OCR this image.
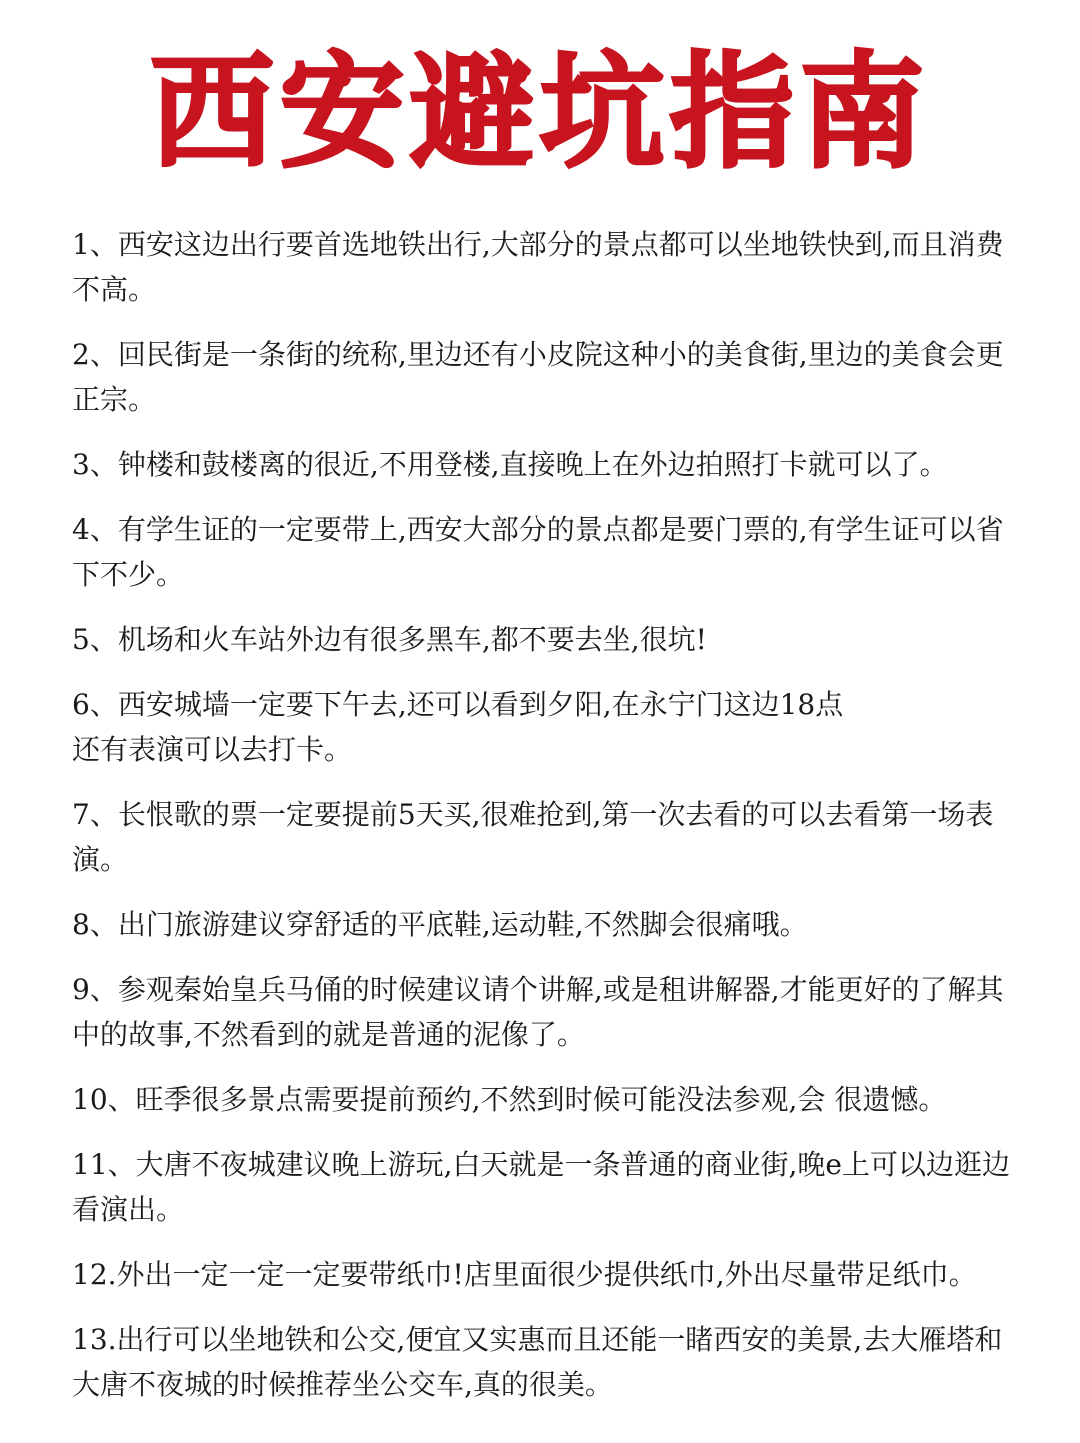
西安避坑指南

1、西安这边出行要首选地铁出行,大部分的景点都可以坐地铁快到,而且消费不高。

2、回民街是一条街的统称,里边还有小皮院这种小的美食街,里边的美食会更正宗。

3、钟楼和鼓楼离的很近,不用登楼,直接晚上在外边拍照打卡就可以了。

4、有学生证的一定要带上,西安大部分的景点都是要门票的,有学生证可以省下不少。

5、机场和火车站外边有很多黑车,都不要去坐,很坑!

6、西安城墙一定要下午去,还可以看到夕阳,在永宁门这边18点还有表演可以去打卡。

7、长恨歌的票一定要提前5天买,很难抢到,第一次去看的可以去看第一场表演。

8、出门旅游建议穿舒适的平底鞋,运动鞋,不然脚会很痛哦。

9、参观秦始皇兵马俑的时候建议请个讲解,或是租讲解器,才能更好的了解其中的故事,不然看到的就是普通的泥像了。

10、旺季很多景点需要提前预约,不然到时候可能没法参观,会 很遗憾。

11、大唐不夜城建议晚上游玩,白天就是一条普通的商业街,晚e上可以边逛边看演出。

12.外出一定一定一定要带纸巾!店里面很少提供纸巾,外出尽量带足纸巾。

13.出行可以坐地铁和公交,便宜又实惠而且还能一睹西安的美景,去大雁塔和大唐不夜城的时候推荐坐公交车,真的很美。
